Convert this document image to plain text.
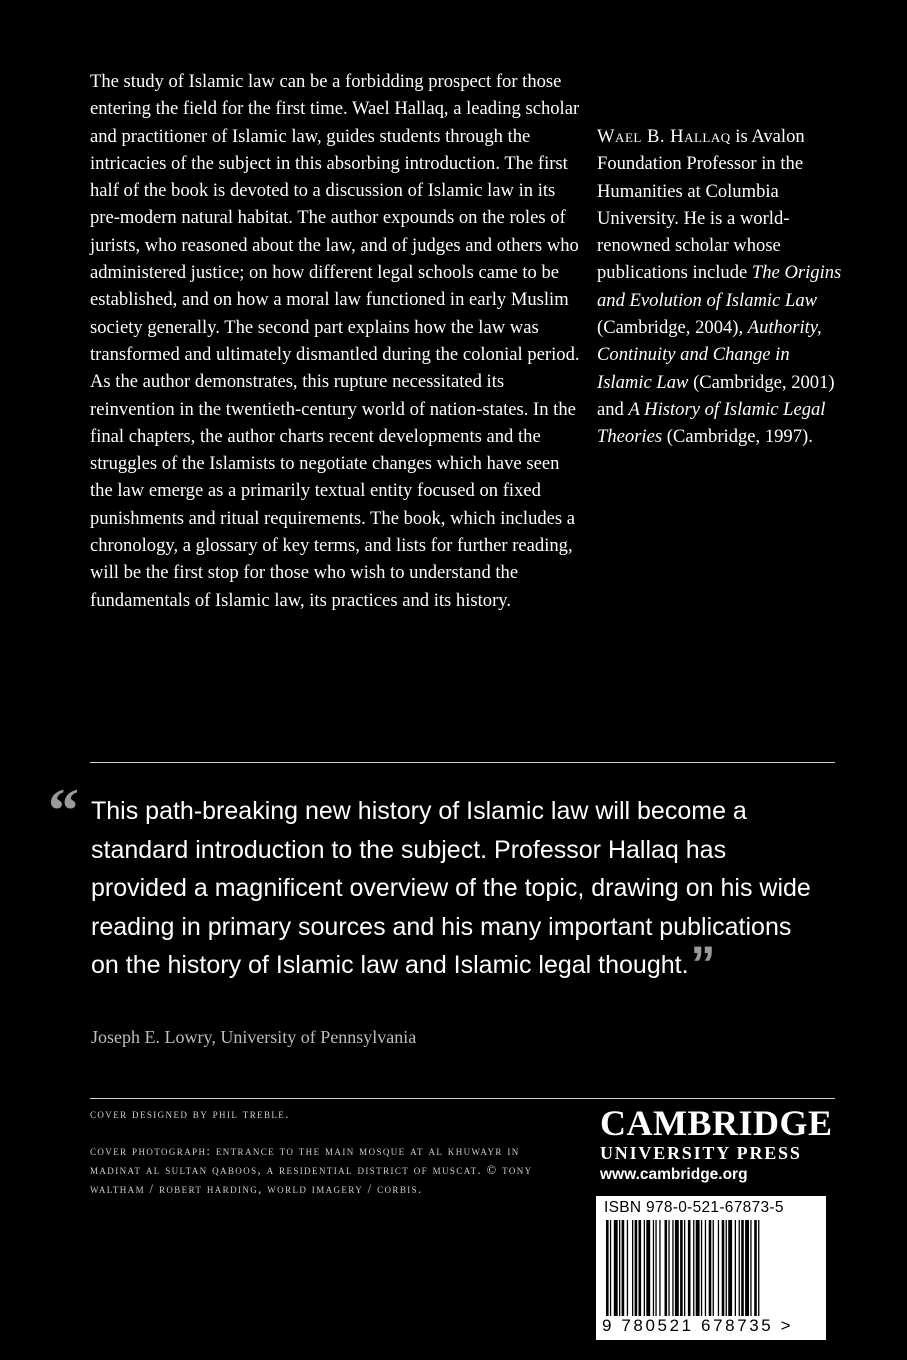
The study of Islamic law can be a forbidding prospect for those entering the field for the first time. Wael Hallaq, a leading scholar and practitioner of Islamic law, guides students through the intricacies of the subject in this absorbing introduction. The first half of the book is devoted to a discussion of Islamic law in its pre-modern natural habitat. The author expounds on the roles of jurists, who reasoned about the law, and of judges and others who administered justice; on how different legal schools came to be established, and on how a moral law functioned in early Muslim society generally. The second part explains how the law was transformed and ultimately dismantled during the colonial period. As the author demonstrates, this rupture necessitated its reinvention in the twentieth-century world of nation-states. In the final chapters, the author charts recent developments and the struggles of the Islamists to negotiate changes which have seen the law emerge as a primarily textual entity focused on fixed punishments and ritual requirements. The book, which includes a chronology, a glossary of key terms, and lists for further reading, will be the first stop for those who wish to understand the fundamentals of Islamic law, its practices and its history.

Wael B. Hallaq is Avalon Foundation Professor in the Humanities at Columbia University. He is a world-renowned scholar whose publications include The Origins and Evolution of Islamic Law (Cambridge, 2004), Authority, Continuity and Change in Islamic Law (Cambridge, 2001) and A History of Islamic Legal Theories (Cambridge, 1997).

“ This path-breaking new history of Islamic law will become a standard introduction to the subject. Professor Hallaq has provided a magnificent overview of the topic, drawing on his wide reading in primary sources and his many important publications on the history of Islamic law and Islamic legal thought.”

Joseph E. Lowry, University of Pennsylvania

cover designed by phil treble.

cover photograph: entrance to the main mosque at al khuwayr in madinat al sultan qaboos, a residential district of muscat. © tony waltham / robert harding, world imagery / corbis.

CAMBRIDGE

UNIVERSITY PRESS

www.cambridge.org

ISBN 978-0-521-67873-5

9 780521 678735 >
